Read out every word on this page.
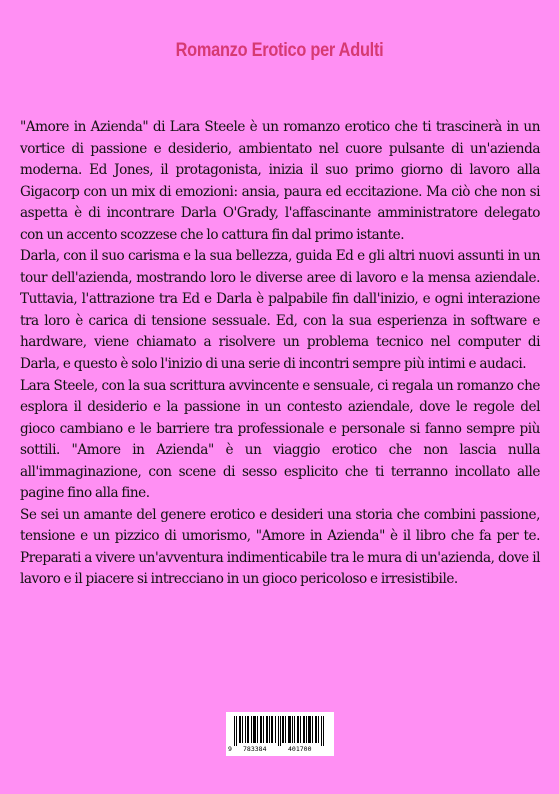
Romanzo Erotico per Adulti

"Amore in Azienda" di Lara Steele è un romanzo erotico che ti trascinerà in un vortice di passione e desiderio, ambientato nel cuore pulsante di un'azienda moderna. Ed Jones, il protagonista, inizia il suo primo giorno di lavoro alla Gigacorp con un mix di emozioni: ansia, paura ed eccitazione. Ma ciò che non si aspetta è di incontrare Darla O'Grady, l'affascinante amministratore delegato con un accento scozzese che lo cattura fin dal primo istante.

Darla, con il suo carisma e la sua bellezza, guida Ed e gli altri nuovi assunti in un tour dell'azienda, mostrando loro le diverse aree di lavoro e la mensa aziendale. Tuttavia, l'attrazione tra Ed e Darla è palpabile fin dall'inizio, e ogni interazione tra loro è carica di tensione sessuale. Ed, con la sua esperienza in software e hardware, viene chiamato a risolvere un problema tecnico nel computer di Darla, e questo è solo l'inizio di una serie di incontri sempre più intimi e audaci.

Lara Steele, con la sua scrittura avvincente e sensuale, ci regala un romanzo che esplora il desiderio e la passione in un contesto aziendale, dove le regole del gioco cambiano e le barriere tra professionale e personale si fanno sempre più sottili. "Amore in Azienda" è un viaggio erotico che non lascia nulla all'immaginazione, con scene di sesso esplicito che ti terranno incollato alle pagine fino alla fine.

Se sei un amante del genere erotico e desideri una storia che combini passione, tensione e un pizzico di umorismo, "Amore in Azienda" è il libro che fa per te. Preparati a vivere un'avventura indimenticabile tra le mura di un'azienda, dove il lavoro e il piacere si intrecciano in un gioco pericoloso e irresistibile.

9 783384	401700
